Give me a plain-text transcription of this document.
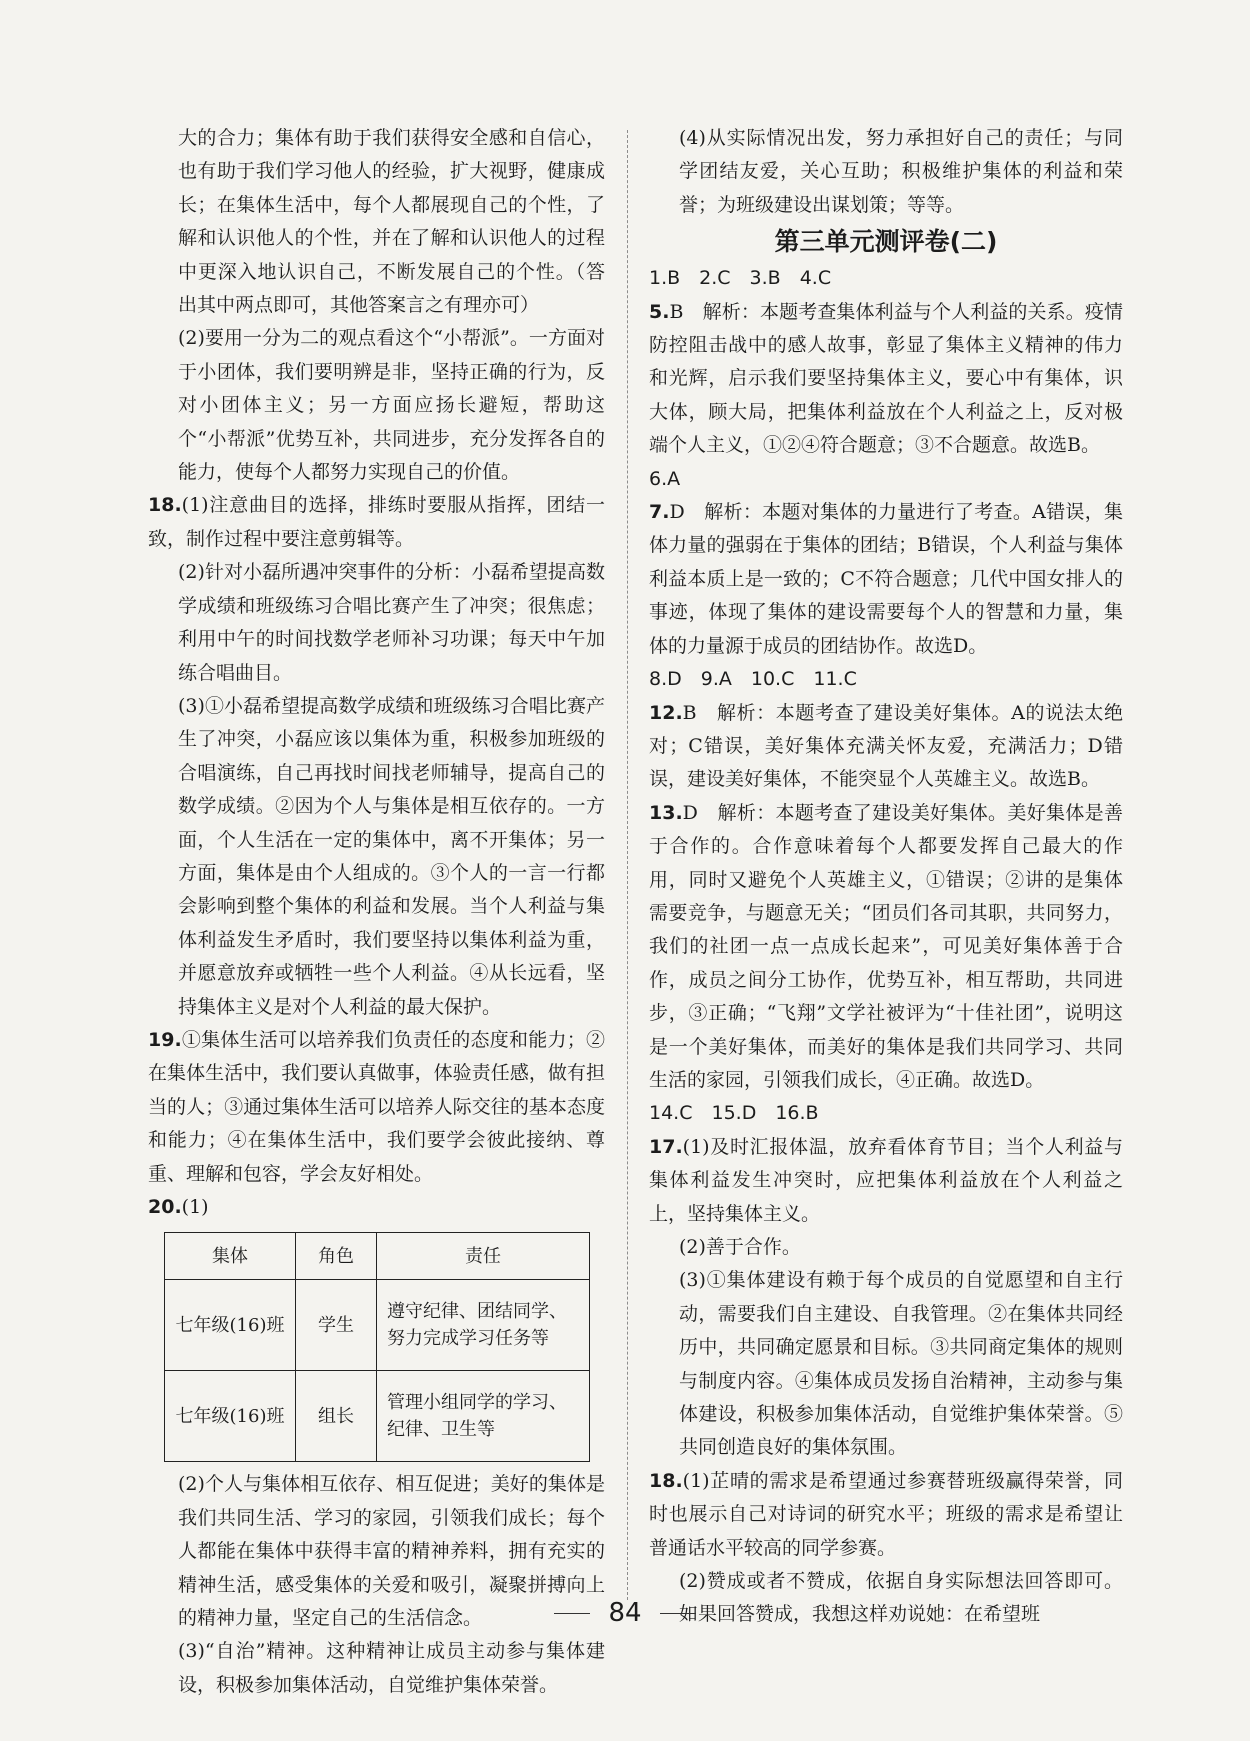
大的合力；集体有助于我们获得安全感和自信心，也有助于我们学习他人的经验，扩大视野，健康成长；在集体生活中，每个人都展现自己的个性，了解和认识他人的个性，并在了解和认识他人的过程中更深入地认识自己，不断发展自己的个性。（答出其中两点即可，其他答案言之有理亦可）

(2)要用一分为二的观点看这个“小帮派”。一方面对于小团体，我们要明辨是非，坚持正确的行为，反对小团体主义；另一方面应扬长避短，帮助这个“小帮派”优势互补，共同进步，充分发挥各自的能力，使每个人都努力实现自己的价值。

18.(1)注意曲目的选择，排练时要服从指挥，团结一致，制作过程中要注意剪辑等。

(2)针对小磊所遇冲突事件的分析：小磊希望提高数学成绩和班级练习合唱比赛产生了冲突；很焦虑；利用中午的时间找数学老师补习功课；每天中午加练合唱曲目。

(3)①小磊希望提高数学成绩和班级练习合唱比赛产生了冲突，小磊应该以集体为重，积极参加班级的合唱演练，自己再找时间找老师辅导，提高自己的数学成绩。②因为个人与集体是相互依存的。一方面，个人生活在一定的集体中，离不开集体；另一方面，集体是由个人组成的。③个人的一言一行都会影响到整个集体的利益和发展。当个人利益与集体利益发生矛盾时，我们要坚持以集体利益为重，并愿意放弃或牺牲一些个人利益。④从长远看，坚持集体主义是对个人利益的最大保护。

19.①集体生活可以培养我们负责任的态度和能力；②在集体生活中，我们要认真做事，体验责任感，做有担当的人；③通过集体生活可以培养人际交往的基本态度和能力；④在集体生活中，我们要学会彼此接纳、尊重、理解和包容，学会友好相处。

20.(1)

集体	角色	责任
七年级(16)班	学生	遵守纪律、团结同学、努力完成学习任务等
七年级(16)班	组长	管理小组同学的学习、纪律、卫生等

(2)个人与集体相互依存、相互促进；美好的集体是我们共同生活、学习的家园，引领我们成长；每个人都能在集体中获得丰富的精神养料，拥有充实的精神生活，感受集体的关爱和吸引，凝聚拼搏向上的精神力量，坚定自己的生活信念。

(3)“自治”精神。这种精神让成员主动参与集体建设，积极参加集体活动，自觉维护集体荣誉。

(4)从实际情况出发，努力承担好自己的责任；与同学团结友爱，关心互助；积极维护集体的利益和荣誉；为班级建设出谋划策；等等。

第三单元测评卷(二)

1.B　2.C　3.B　4.C

5.B　解析：本题考查集体利益与个人利益的关系。疫情防控阻击战中的感人故事，彰显了集体主义精神的伟力和光辉，启示我们要坚持集体主义，要心中有集体，识大体，顾大局，把集体利益放在个人利益之上，反对极端个人主义，①②④符合题意；③不合题意。故选B。

6.A

7.D　解析：本题对集体的力量进行了考查。A错误，集体力量的强弱在于集体的团结；B错误，个人利益与集体利益本质上是一致的；C不符合题意；几代中国女排人的事迹，体现了集体的建设需要每个人的智慧和力量，集体的力量源于成员的团结协作。故选D。

8.D　9.A　10.C　11.C

12.B　解析：本题考查了建设美好集体。A的说法太绝对；C错误，美好集体充满关怀友爱，充满活力；D错误，建设美好集体，不能突显个人英雄主义。故选B。

13.D　解析：本题考查了建设美好集体。美好集体是善于合作的。合作意味着每个人都要发挥自己最大的作用，同时又避免个人英雄主义，①错误；②讲的是集体需要竞争，与题意无关；“团员们各司其职，共同努力，我们的社团一点一点成长起来”，可见美好集体善于合作，成员之间分工协作，优势互补，相互帮助，共同进步，③正确；“飞翔”文学社被评为“十佳社团”，说明这是一个美好集体，而美好的集体是我们共同学习、共同生活的家园，引领我们成长，④正确。故选D。

14.C　15.D　16.B

17.(1)及时汇报体温，放弃看体育节目；当个人利益与集体利益发生冲突时，应把集体利益放在个人利益之上，坚持集体主义。

(2)善于合作。

(3)①集体建设有赖于每个成员的自觉愿望和自主行动，需要我们自主建设、自我管理。②在集体共同经历中，共同确定愿景和目标。③共同商定集体的规则与制度内容。④集体成员发扬自治精神，主动参与集体建设，积极参加集体活动，自觉维护集体荣誉。⑤共同创造良好的集体氛围。

18.(1)芷晴的需求是希望通过参赛替班级赢得荣誉，同时也展示自己对诗词的研究水平；班级的需求是希望让普通话水平较高的同学参赛。

(2)赞成或者不赞成，依据自身实际想法回答即可。如果回答赞成，我想这样劝说她：在希望班

84
